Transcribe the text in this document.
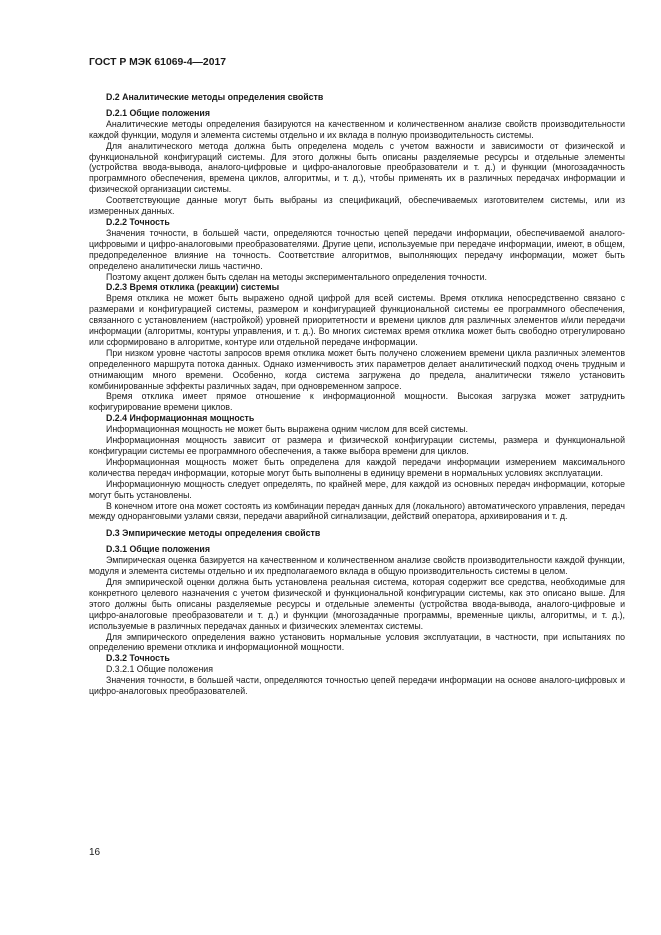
ГОСТ Р МЭК 61069-4—2017
D.2 Аналитические методы определения свойств
D.2.1 Общие положения
Аналитические методы определения базируются на качественном и количественном анализе свойств производительности каждой функции, модуля и элемента системы отдельно и их вклада в полную производительность системы.
Для аналитического метода должна быть определена модель с учетом важности и зависимости от физической и функциональной конфигураций системы. Для этого должны быть описаны разделяемые ресурсы и отдельные элементы (устройства ввода-вывода, аналого-цифровые и цифро-аналоговые преобразователи и т. д.) и функции (многозадачность программного обеспечения, времена циклов, алгоритмы, и т. д.), чтобы применять их в различных передачах информации и физической организации системы.
Соответствующие данные могут быть выбраны из спецификаций, обеспечиваемых изготовителем системы, или из измеренных данных.
D.2.2 Точность
Значения точности, в большей части, определяются точностью цепей передачи информации, обеспечиваемой аналого-цифровыми и цифро-аналоговыми преобразователями. Другие цепи, используемые при передаче информации, имеют, в общем, предопределенное влияние на точность. Соответствие алгоритмов, выполняющих передачу информации, может быть определено аналитически лишь частично.
Поэтому акцент должен быть сделан на методы экспериментального определения точности.
D.2.3 Время отклика (реакции) системы
Время отклика не может быть выражено одной цифрой для всей системы. Время отклика непосредственно связано с размерами и конфигурацией системы, размером и конфигурацией функциональной системы ее программного обеспечения, связанного с установлением (настройкой) уровней приоритетности и времени циклов для различных элементов и/или передачи информации (алгоритмы, контуры управления, и т. д.). Во многих системах время отклика может быть свободно отрегулировано или сформировано в алгоритме, контуре или отдельной передаче информации.
При низком уровне частоты запросов время отклика может быть получено сложением времени цикла различных элементов определенного маршрута потока данных. Однако изменчивость этих параметров делает аналитический подход очень трудным и отнимающим много времени. Особенно, когда система загружена до предела, аналитически тяжело установить комбинированные эффекты различных задач, при одновременном запросе.
Время отклика имеет прямое отношение к информационной мощности. Высокая загрузка может затруднить кофигурирование времени циклов.
D.2.4 Информационная мощность
Информационная мощность не может быть выражена одним числом для всей системы.
Информационная мощность зависит от размера и физической конфигурации системы, размера и функциональной конфигурации системы ее программного обеспечения, а также выбора времени для циклов.
Информационная мощность может быть определена для каждой передачи информации измерением максимального количества передач информации, которые могут быть выполнены в единицу времени в нормальных условиях эксплуатации.
Информационную мощность следует определять, по крайней мере, для каждой из основных передач информации, которые могут быть установлены.
В конечном итоге она может состоять из комбинации передач данных для (локального) автоматического управления, передач между одноранговыми узлами связи, передачи аварийной сигнализации, действий оператора, архивирования и т. д.
D.3 Эмпирические методы определения свойств
D.3.1 Общие положения
Эмпирическая оценка базируется на качественном и количественном анализе свойств производительности каждой функции, модуля и элемента системы отдельно и их предполагаемого вклада в общую производительность системы в целом.
Для эмпирической оценки должна быть установлена реальная система, которая содержит все средства, необходимые для конкретного целевого назначения с учетом физической и функциональной конфигурации системы, как это описано выше. Для этого должны быть описаны разделяемые ресурсы и отдельные элементы (устройства ввода-вывода, аналого-цифровые и цифро-аналоговые преобразователи и т. д.) и функции (многозадачные программы, временные циклы, алгоритмы, и т. д.), используемые в различных передачах данных и физических элементах системы.
Для эмпирического определения важно установить нормальные условия эксплуатации, в частности, при испытаниях по определению времени отклика и информационной мощности.
D.3.2 Точность
D.3.2.1 Общие положения
Значения точности, в большей части, определяются точностью цепей передачи информации на основе аналого-цифровых и цифро-аналоговых преобразователей.
16
